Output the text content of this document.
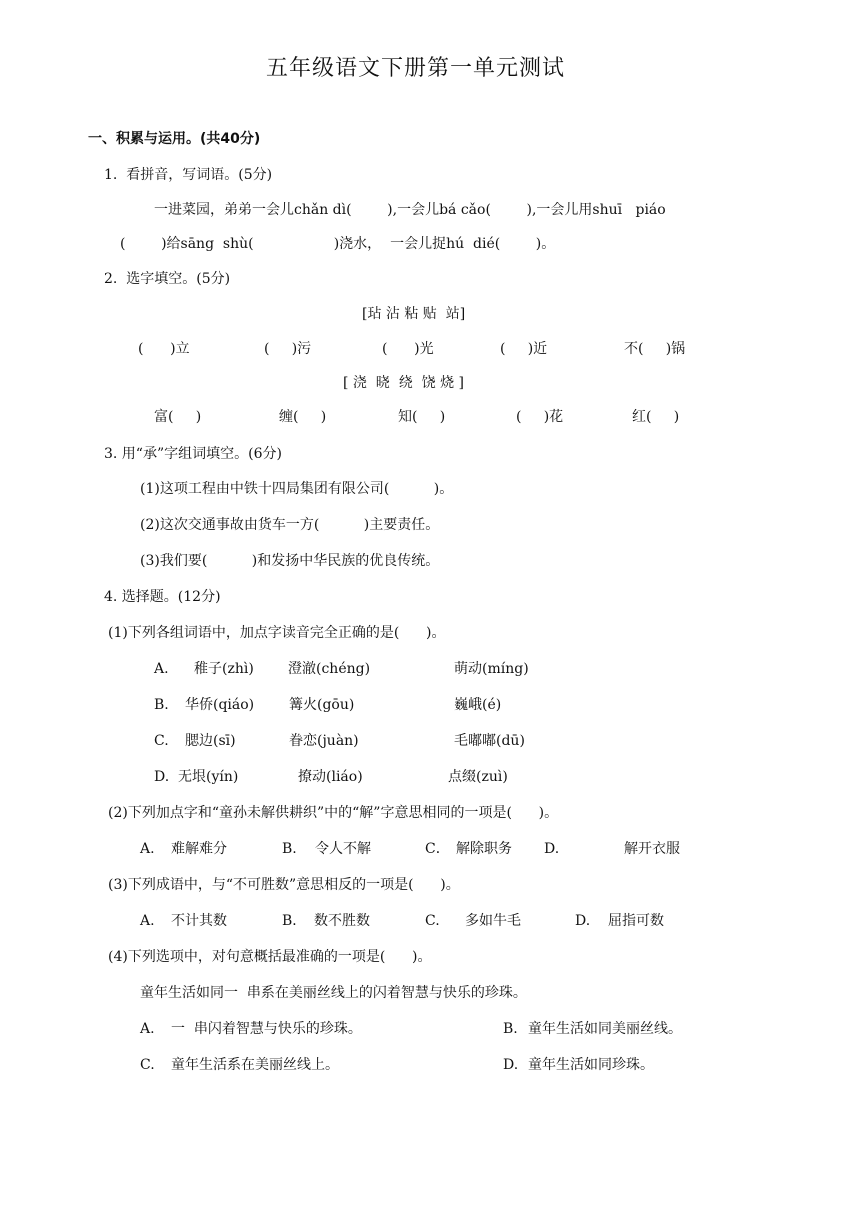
五年级语文下册第一单元测试
一、积累与运用。(共40分)
1.  看拼音，写词语。(5分)
一进菜园，弟弟一会儿chǎn dì(        ),一会儿bá cǎo(        ),一会儿用shuī   piáo
(        )给sāng  shù(                  )浇水，  一会儿捉hú  dié(        )。
2.  选字填空。(5分)
[玷 沾 粘 贴  站]
(      )立	(     )污	(      )光	(     )近	不(     )锅
[ 浇  晓  绕  饶 烧 ]
富(     )	缠(     )	知(     )	(     )花	红(     )
3. 用“承”字组词填空。(6分)
(1)这项工程由中铁十四局集团有限公司(          )。
(2)这次交通事故由货车一方(          )主要责任。
(3)我们要(          )和发扬中华民族的优良传统。
4. 选择题。(12分)
(1)下列各组词语中，加点字读音完全正确的是(      )。
A. 稚子(zhì) 澄澈(chéng)	萌动(míng)
B. 华侨(qiáo) 篝火(gōu)	巍峨(é)
C. 腮边(sī)	眷恋(juàn)	毛嘟嘟(dū)
D. 无垠(yín)	撩动(liáo)	点缀(zuì)
(2)下列加点字和“童孙未解供耕织”中的“解”字意思相同的一项是(      )。
A. 难解难分	B. 令人不解	C． 解除职务 D.	解开衣服
(3)下列成语中，与“不可胜数”意思相反的一项是(      )。
A. 不计其数	B． 数不胜数	C. 多如牛毛	D. 屈指可数
(4)下列选项中，对句意概括最准确的一项是(      )。
童年生活如同一  串系在美丽丝线上的闪着智慧与快乐的珍珠。
A. 一  串闪着智慧与快乐的珍珠。	B. 童年生活如同美丽丝线。
C. 童年生活系在美丽丝线上。	D. 童年生活如同珍珠。
